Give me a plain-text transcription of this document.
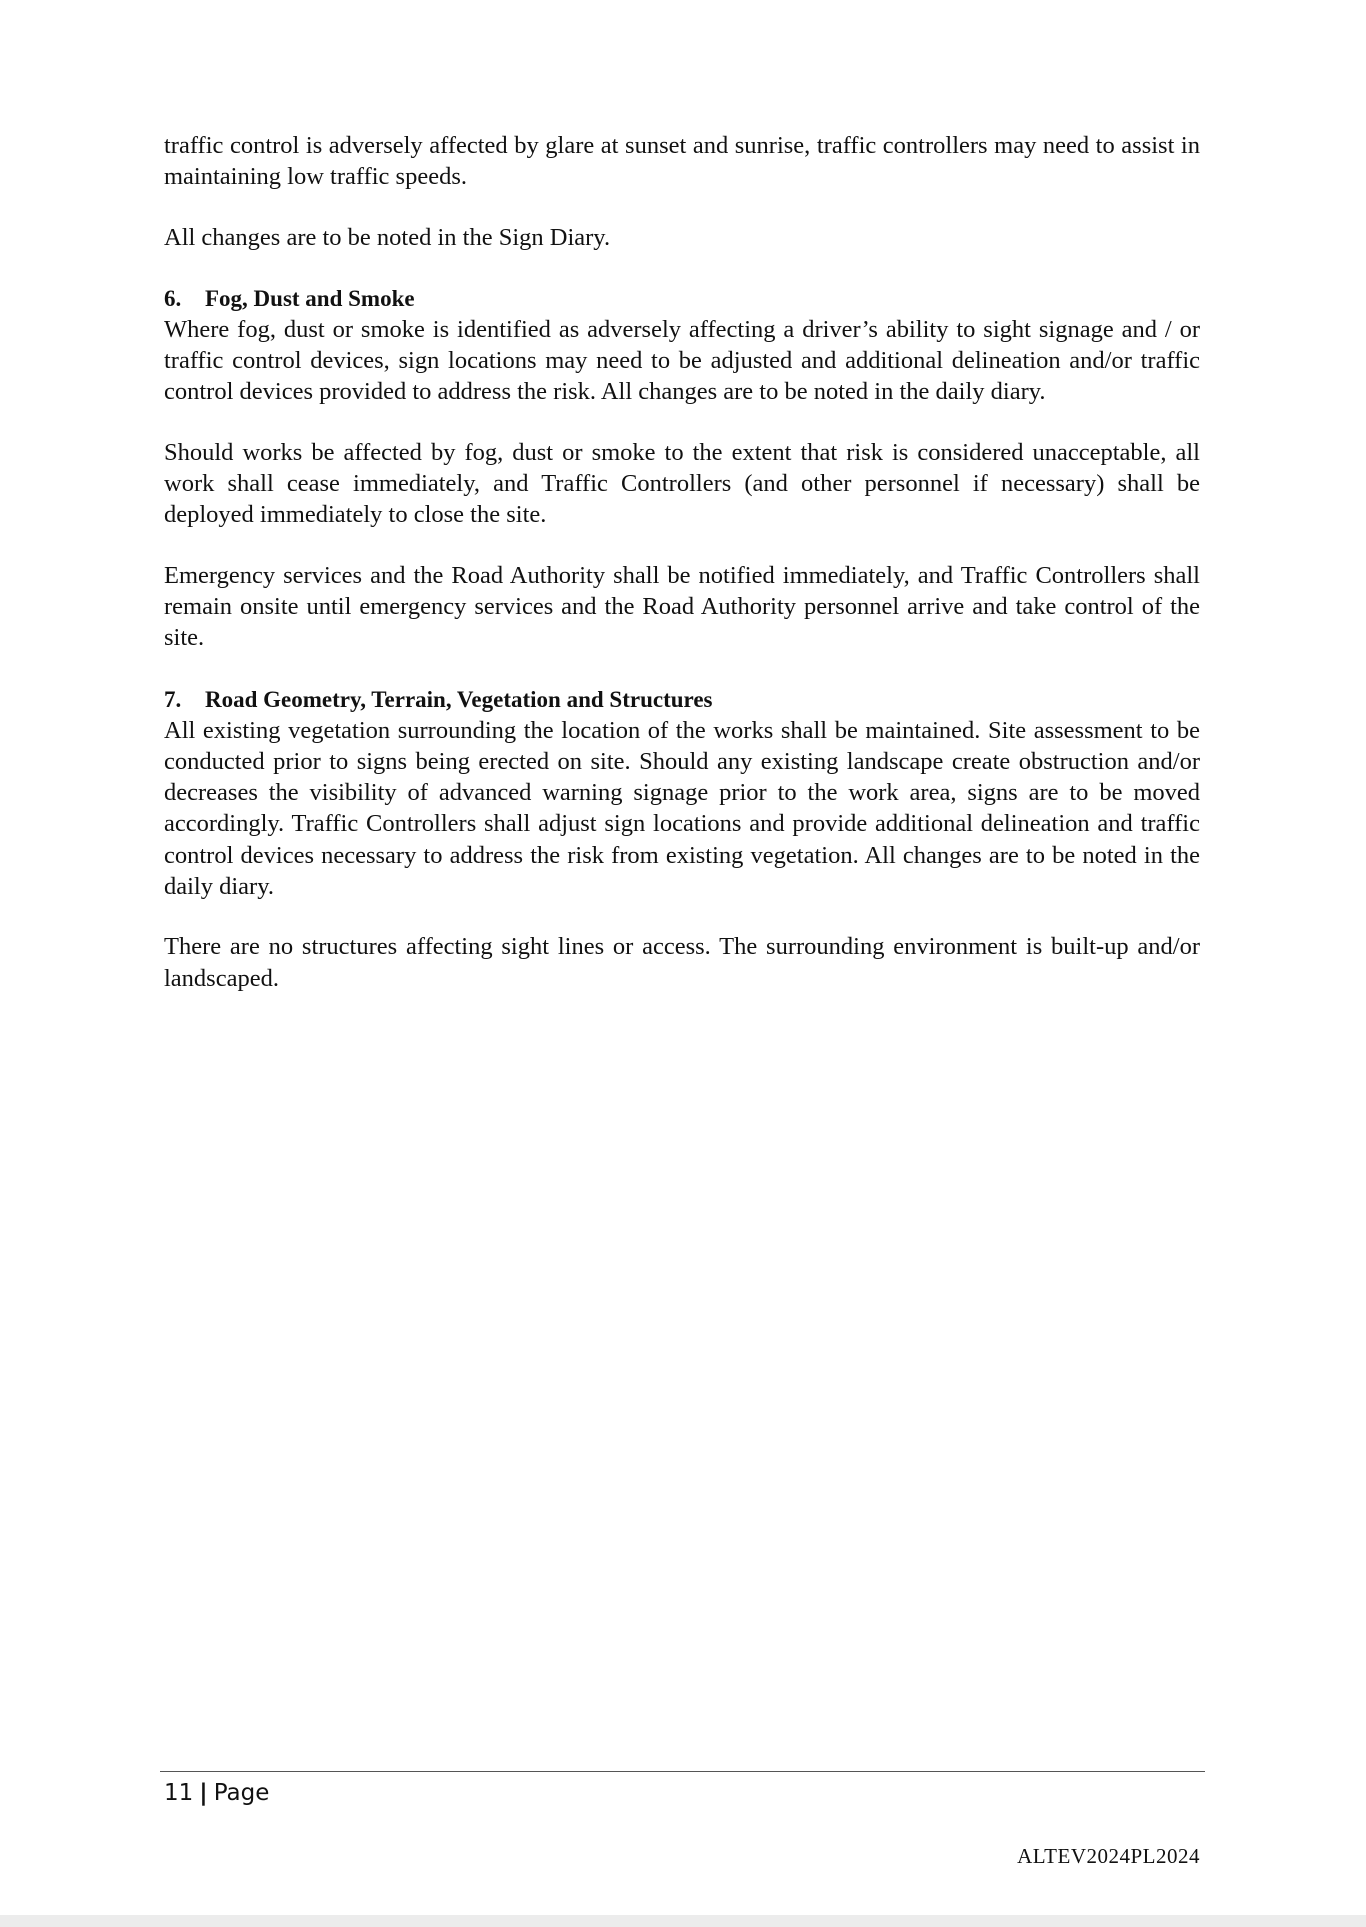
traffic control is adversely affected by glare at sunset and sunrise, traffic controllers may need to assist in maintaining low traffic speeds.

All changes are to be noted in the Sign Diary.

6. Fog, Dust and Smoke

Where fog, dust or smoke is identified as adversely affecting a driver’s ability to sight signage and / or traffic control devices, sign locations may need to be adjusted and additional delineation and/or traffic control devices provided to address the risk. All changes are to be noted in the daily diary.

Should works be affected by fog, dust or smoke to the extent that risk is considered unacceptable, all work shall cease immediately, and Traffic Controllers (and other personnel if necessary) shall be deployed immediately to close the site.

Emergency services and the Road Authority shall be notified immediately, and Traffic Controllers shall remain onsite until emergency services and the Road Authority personnel arrive and take control of the site.

7. Road Geometry, Terrain, Vegetation and Structures

All existing vegetation surrounding the location of the works shall be maintained. Site assessment to be conducted prior to signs being erected on site. Should any existing landscape create obstruction and/or decreases the visibility of advanced warning signage prior to the work area, signs are to be moved accordingly. Traffic Controllers shall adjust sign locations and provide additional delineation and traffic control devices necessary to address the risk from existing vegetation. All changes are to be noted in the daily diary.

There are no structures affecting sight lines or access. The surrounding environment is built-up and/or landscaped.

11 | Page
ALTEV2024PL2024
